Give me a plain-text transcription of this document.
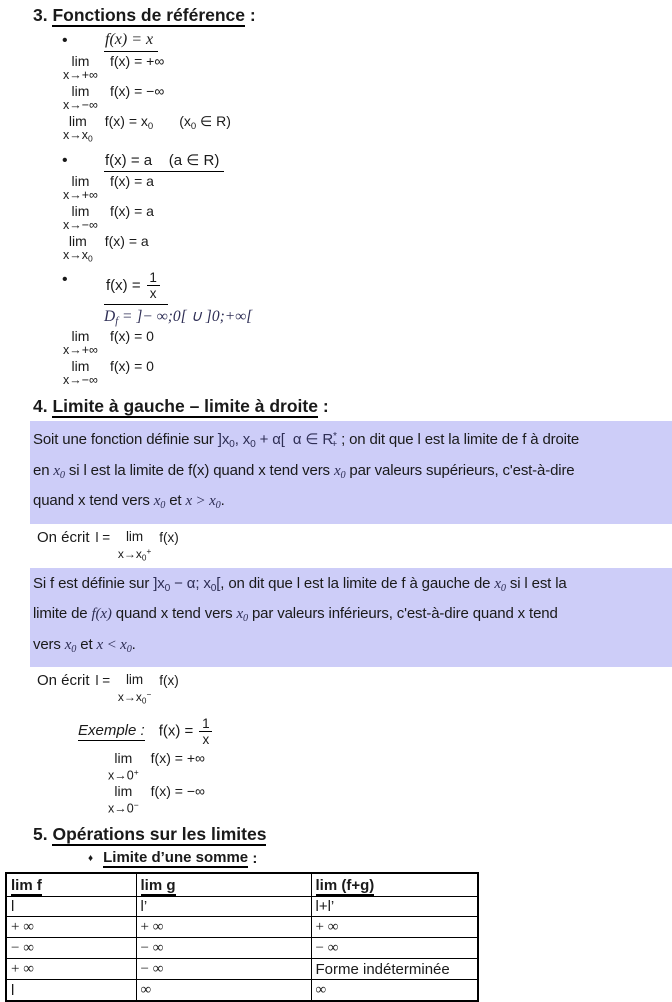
3. Fonctions de référence :
•	f(x) = x
lim
x→+∞
f(x) = +∞
lim
x→−∞
f(x) = −∞
lim
$x\to x_0$
$f(x) = x_0$ ($x_0$ ∈ R)
•	f(x) = a    (a ∈ R)
lim
x→+∞
f(x) = a
lim
x→−∞
f(x) = a
lim
$x\to x_0$
f(x) = a
•	$f(x) = \frac{1}{x}$
$D_f$ = ]− ∞;0[ ∪ ]0;+∞[
lim
x→+∞
f(x) = 0
lim
x→−∞
f(x) = 0
4. Limite à gauche – limite à droite :
Soit une fonction définie sur ]$x_0$, $x_0 + \alpha$[ α ∈ $R^*_+$ ; on dit que l est la limite de f à droite
en $x_0$ si l est la limite de f(x) quand x tend vers $x_0$ par valeurs supérieurs, c'est-à-dire
quand x tend vers $x_0$ et $x > x_0$.
On écrit l = lim
$x\to x_0^+$
f(x)
Si f est définie sur ]$x_0 - \alpha$; $x_0$[, on dit que l est la limite de f à gauche de $x_0$ si l est la
limite de f(x) quand x tend vers $x_0$ par valeurs inférieurs, c'est-à-dire quand x tend
vers $x_0$ et $x < x_0$.
On écrit l = lim
$x\to x_0^-$
f(x)
Exemple : $f(x) = \frac{1}{x}$
lim
x→0+
f(x) = +∞
lim
x→0−
f(x) = −∞
5. Opérations sur les limites
♦ Limite d’une somme :
lim f	lim g	lim (f+g)
l	l’	l+l’
+ ∞	+ ∞	+ ∞
− ∞	− ∞	− ∞
+ ∞	− ∞	Forme indéterminée
l	∞	∞
